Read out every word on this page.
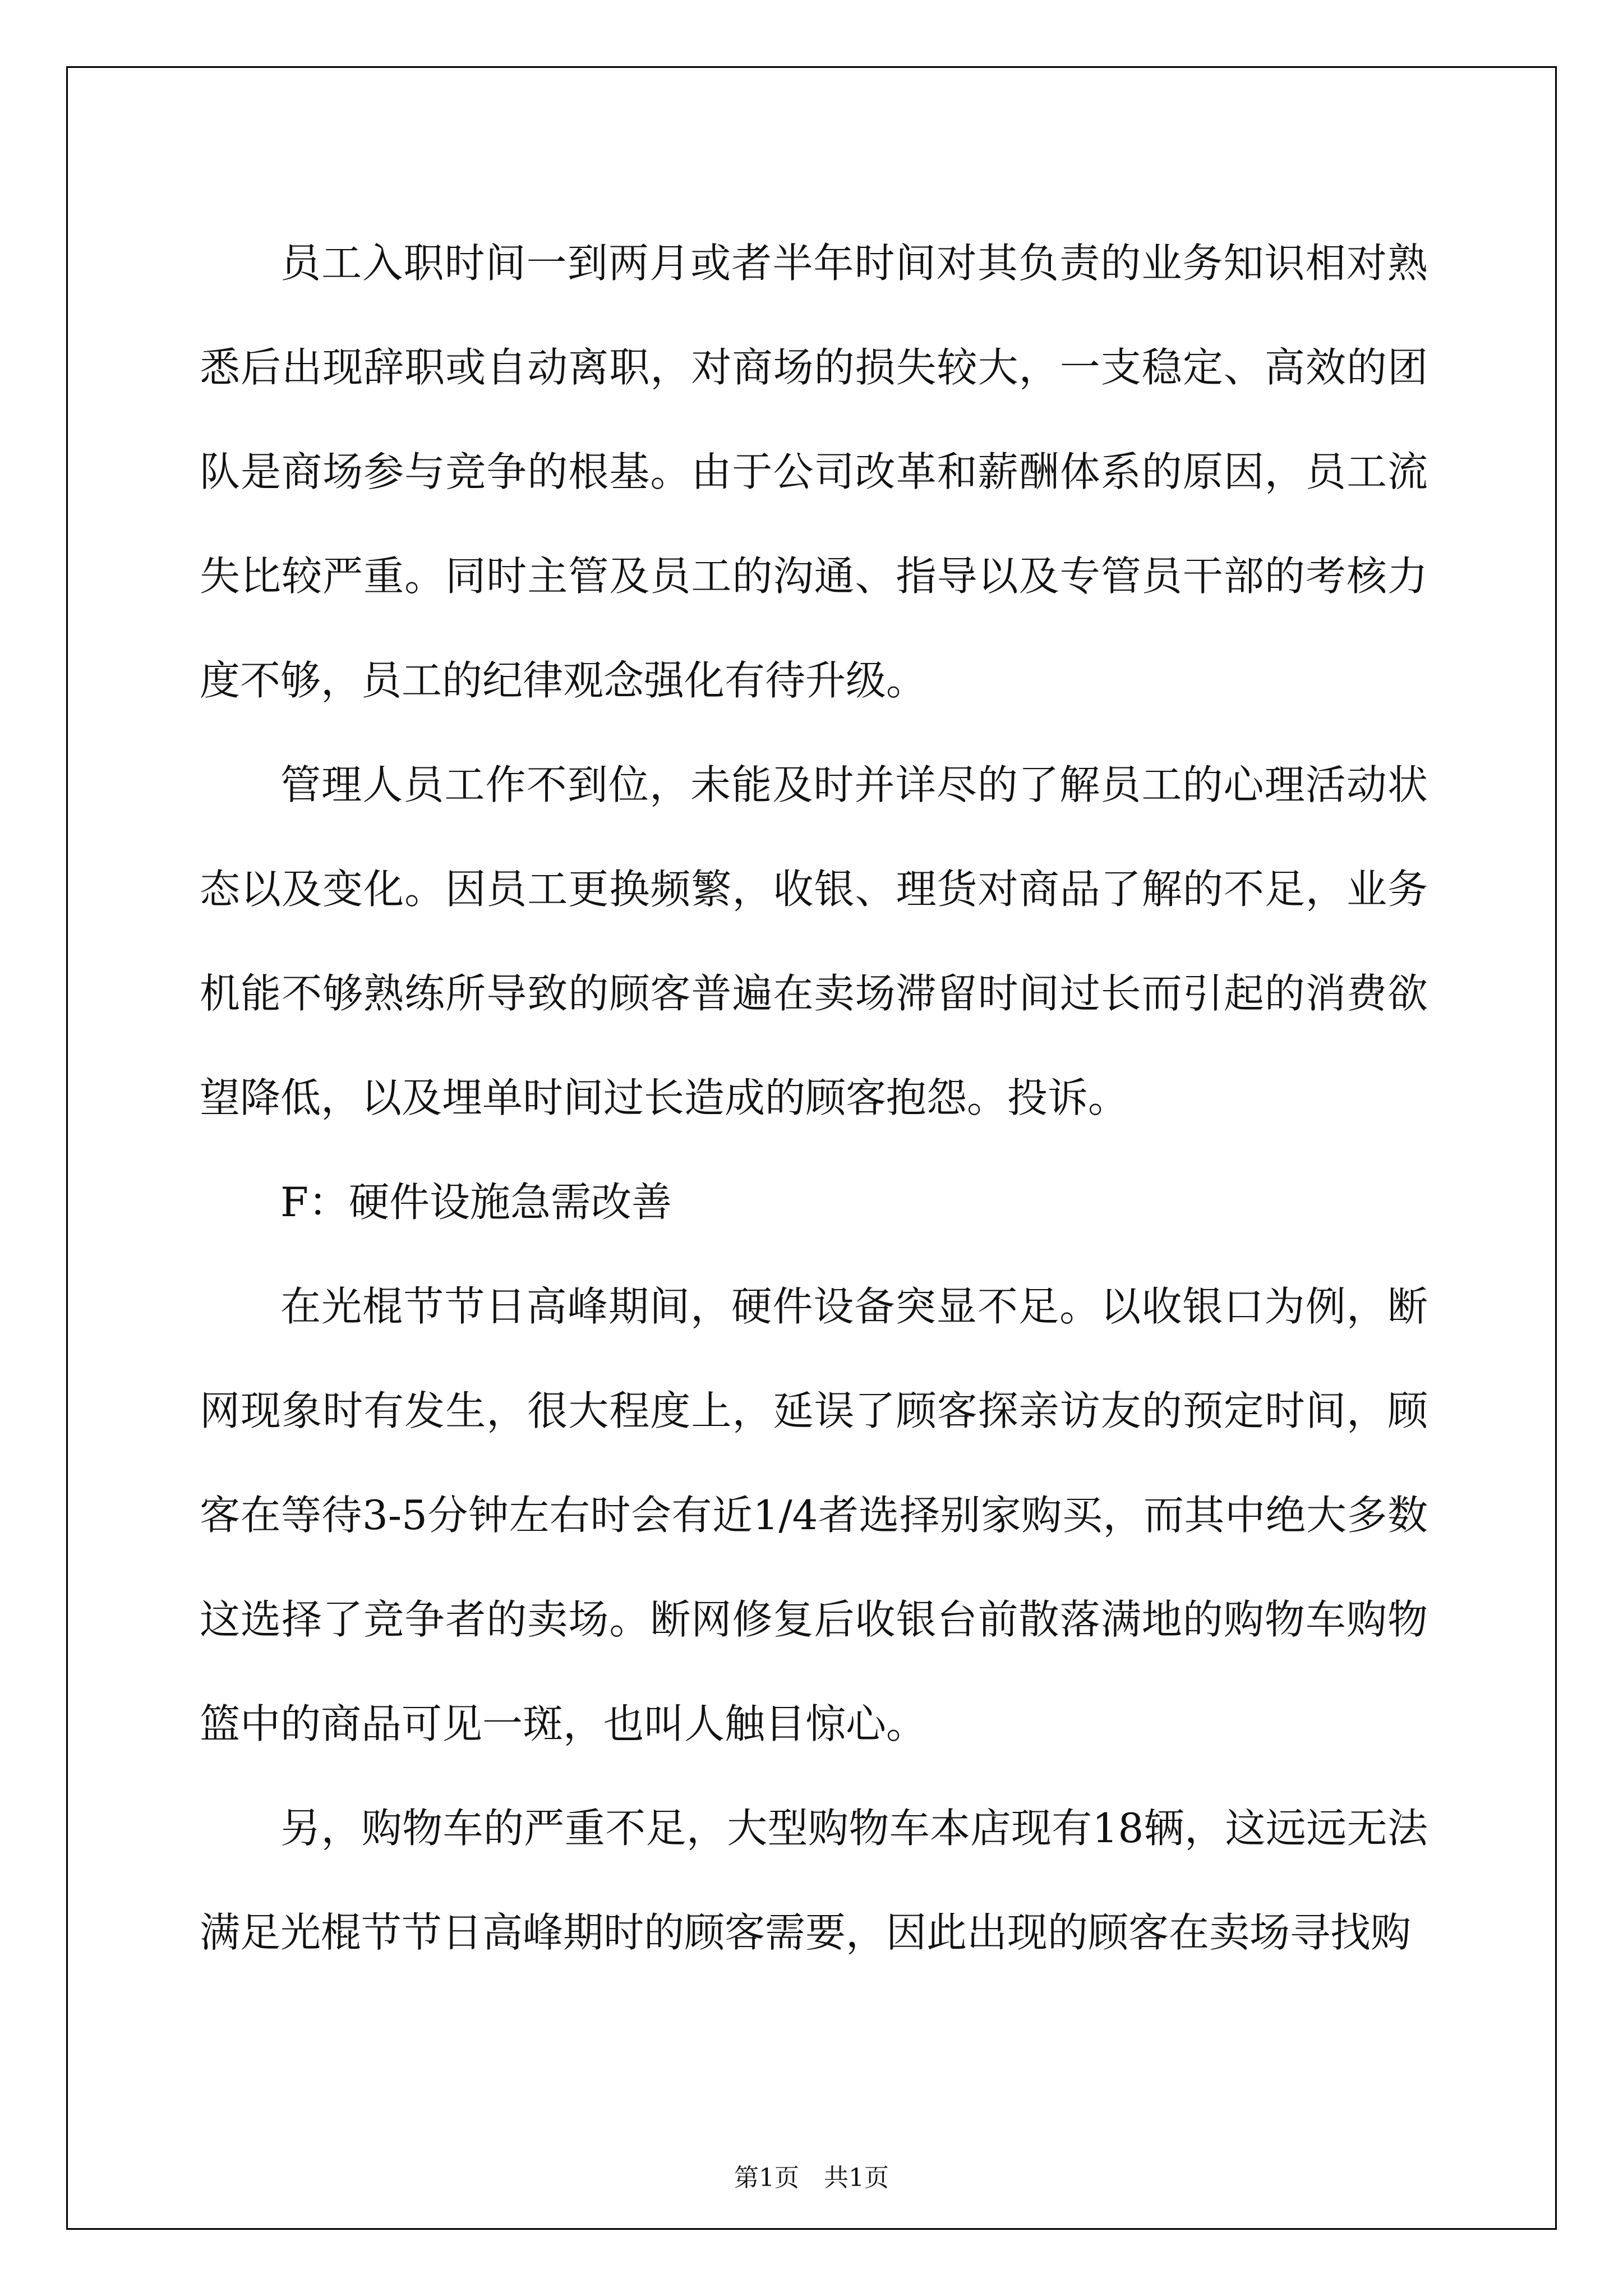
员工入职时间一到两月或者半年时间对其负责的业务知识相对熟悉后出现辞职或自动离职，对商场的损失较大，一支稳定、高效的团队是商场参与竞争的根基。由于公司改革和薪酬体系的原因，员工流失比较严重。同时主管及员工的沟通、指导以及专管员干部的考核力度不够，员工的纪律观念强化有待升级。

管理人员工作不到位，未能及时并详尽的了解员工的心理活动状态以及变化。因员工更换频繁，收银、理货对商品了解的不足，业务机能不够熟练所导致的顾客普遍在卖场滞留时间过长而引起的消费欲望降低，以及埋单时间过长造成的顾客抱怨。投诉。

F：硬件设施急需改善

在光棍节节日高峰期间，硬件设备突显不足。以收银口为例，断网现象时有发生，很大程度上，延误了顾客探亲访友的预定时间，顾客在等待3-5分钟左右时会有近1/4者选择别家购买，而其中绝大多数这选择了竞争者的卖场。断网修复后收银台前散落满地的购物车购物篮中的商品可见一斑，也叫人触目惊心。

另，购物车的严重不足，大型购物车本店现有18辆，这远远无法满足光棍节节日高峰期时的顾客需要，因此出现的顾客在卖场寻找购

第1页　共1页
